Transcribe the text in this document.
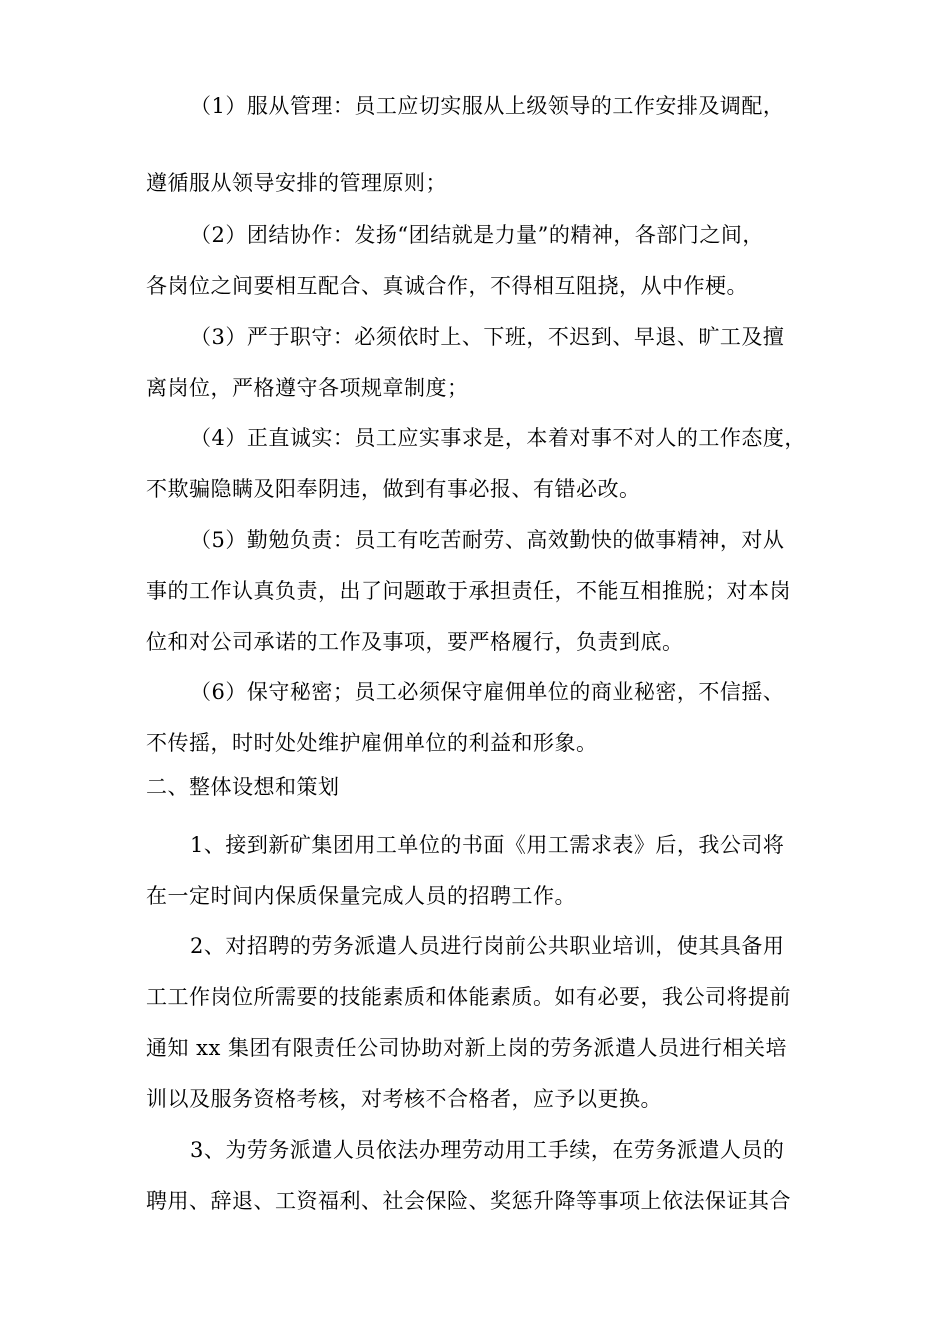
（1）服从管理：员工应切实服从上级领导的工作安排及调配，
遵循服从领导安排的管理原则；
（2）团结协作：发扬“团结就是力量”的精神，各部门之间，
各岗位之间要相互配合、真诚合作，不得相互阻挠，从中作梗。
（3）严于职守：必须依时上、下班，不迟到、早退、旷工及擅
离岗位，严格遵守各项规章制度；
（4）正直诚实：员工应实事求是，本着对事不对人的工作态度，
不欺骗隐瞒及阳奉阴违，做到有事必报、有错必改。
（5）勤勉负责：员工有吃苦耐劳、高效勤快的做事精神，对从
事的工作认真负责，出了问题敢于承担责任，不能互相推脱；对本岗
位和对公司承诺的工作及事项，要严格履行，负责到底。
（6）保守秘密；员工必须保守雇佣单位的商业秘密，不信摇、
不传摇，时时处处维护雇佣单位的利益和形象。
二、整体设想和策划
1、接到新矿集团用工单位的书面《用工需求表》后，我公司将
在一定时间内保质保量完成人员的招聘工作。
2、对招聘的劳务派遣人员进行岗前公共职业培训，使其具备用
工工作岗位所需要的技能素质和体能素质。如有必要，我公司将提前
通知 xx 集团有限责任公司协助对新上岗的劳务派遣人员进行相关培
训以及服务资格考核，对考核不合格者，应予以更换。
3、为劳务派遣人员依法办理劳动用工手续，在劳务派遣人员的
聘用、辞退、工资福利、社会保险、奖惩升降等事项上依法保证其合
